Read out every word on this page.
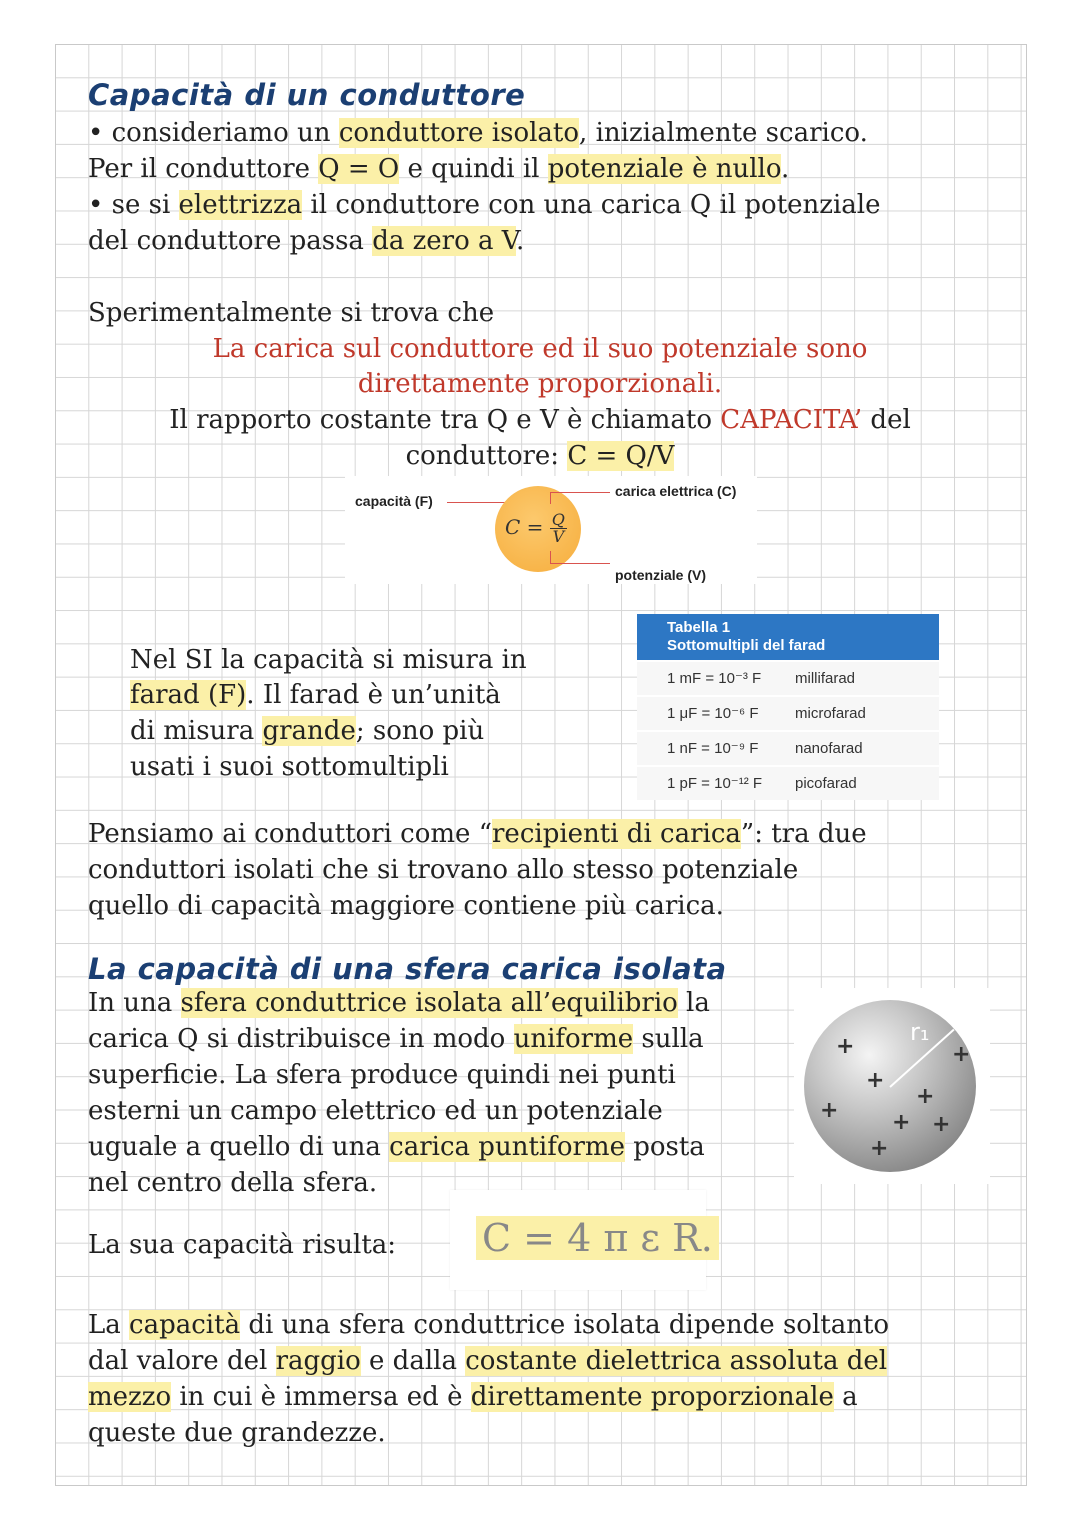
Capacità di un conduttore
• consideriamo un conduttore isolato, inizialmente scarico.
Per il conduttore Q = O e quindi il potenziale è nullo.
• se si elettrizza il conduttore con una carica Q il potenziale
del conduttore passa da zero a V.
Sperimentalmente si trova che
La carica sul conduttore ed il suo potenziale sono
direttamente proporzionali.
Il rapporto costante tra Q e V è chiamato CAPACITA’ del
conduttore: C = Q/V
capacità (F)
$C = \frac{Q}{V}$
carica elettrica (C)
potenziale (V)
Nel SI la capacità si misura in
farad (F). Il farad è un’unità
di misura grande; sono più
usati i suoi sottomultipli
Tabella 1
Sottomultipli del farad
1 mF = 10⁻³ F	millifarad
1 μF = 10⁻⁶ F	microfarad
1 nF = 10⁻⁹ F	nanofarad
1 pF = 10⁻¹² F	picofarad
Pensiamo ai conduttori come “recipienti di carica”: tra due
conduttori isolati che si trovano allo stesso potenziale
quello di capacità maggiore contiene più carica.
La capacità di una sfera carica isolata
In una sfera conduttrice isolata all’equilibrio la
carica Q si distribuisce in modo uniforme sulla
superficie. La sfera produce quindi nei punti
esterni un campo elettrico ed un potenziale
uguale a quello di una carica puntiforme posta
nel centro della sfera.
+
+
+
+
+ + +
+
r₁
La sua capacità risulta: C = 4 π ε R.
La capacità di una sfera conduttrice isolata dipende soltanto
dal valore del raggio e dalla costante dielettrica assoluta del
mezzo in cui è immersa ed è direttamente proporzionale a
queste due grandezze.
